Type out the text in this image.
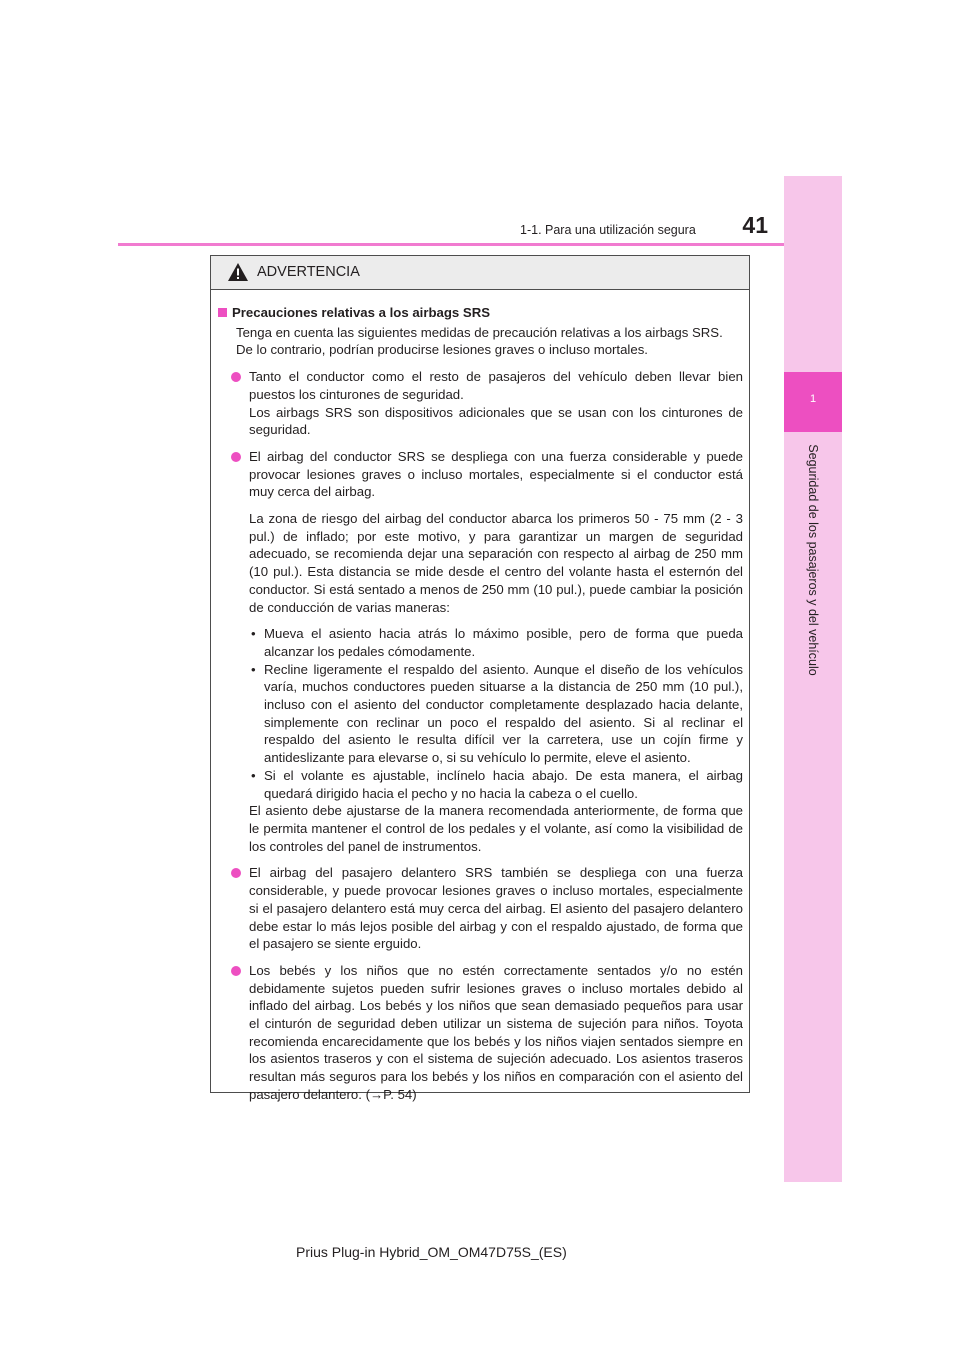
1
Seguridad de los pasajeros y del vehículo
1-1. Para una utilización segura	41
ADVERTENCIA
Precauciones relativas a los airbags SRS
Tenga en cuenta las siguientes medidas de precaución relativas a los airbags SRS.
De lo contrario, podrían producirse lesiones graves o incluso mortales.
Tanto el conductor como el resto de pasajeros del vehículo deben llevar bien puestos los cinturones de seguridad.
Los airbags SRS son dispositivos adicionales que se usan con los cinturones de seguridad.
El airbag del conductor SRS se despliega con una fuerza considerable y puede provocar lesiones graves o incluso mortales, especialmente si el conductor está muy cerca del airbag.
La zona de riesgo del airbag del conductor abarca los primeros 50 - 75 mm (2 - 3 pul.) de inflado; por este motivo, y para garantizar un margen de seguridad adecuado, se recomienda dejar una separación con respecto al airbag de 250 mm (10 pul.). Esta distancia se mide desde el centro del volante hasta el esternón del conductor. Si está sentado a menos de 250 mm (10 pul.), puede cambiar la posición de conducción de varias maneras:
• Mueva el asiento hacia atrás lo máximo posible, pero de forma que pueda alcanzar los pedales cómodamente.
• Recline ligeramente el respaldo del asiento. Aunque el diseño de los vehículos varía, muchos conductores pueden situarse a la distancia de 250 mm (10 pul.), incluso con el asiento del conductor completamente desplazado hacia delante, simplemente con reclinar un poco el respaldo del asiento. Si al reclinar el respaldo del asiento le resulta difícil ver la carretera, use un cojín firme y antideslizante para elevarse o, si su vehículo lo permite, eleve el asiento.
• Si el volante es ajustable, inclínelo hacia abajo. De esta manera, el airbag quedará dirigido hacia el pecho y no hacia la cabeza o el cuello.
El asiento debe ajustarse de la manera recomendada anteriormente, de forma que le permita mantener el control de los pedales y el volante, así como la visibilidad de los controles del panel de instrumentos.
El airbag del pasajero delantero SRS también se despliega con una fuerza considerable, y puede provocar lesiones graves o incluso mortales, especialmente si el pasajero delantero está muy cerca del airbag. El asiento del pasajero delantero debe estar lo más lejos posible del airbag y con el respaldo ajustado, de forma que el pasajero se siente erguido.
Los bebés y los niños que no estén correctamente sentados y/o no estén debidamente sujetos pueden sufrir lesiones graves o incluso mortales debido al inflado del airbag. Los bebés y los niños que sean demasiado pequeños para usar el cinturón de seguridad deben utilizar un sistema de sujeción para niños. Toyota recomienda encarecidamente que los bebés y los niños viajen sentados siempre en los asientos traseros y con el sistema de sujeción adecuado. Los asientos traseros resultan más seguros para los bebés y los niños en comparación con el asiento del pasajero delantero. (→P. 54)
Prius Plug-in Hybrid_OM_OM47D75S_(ES)
